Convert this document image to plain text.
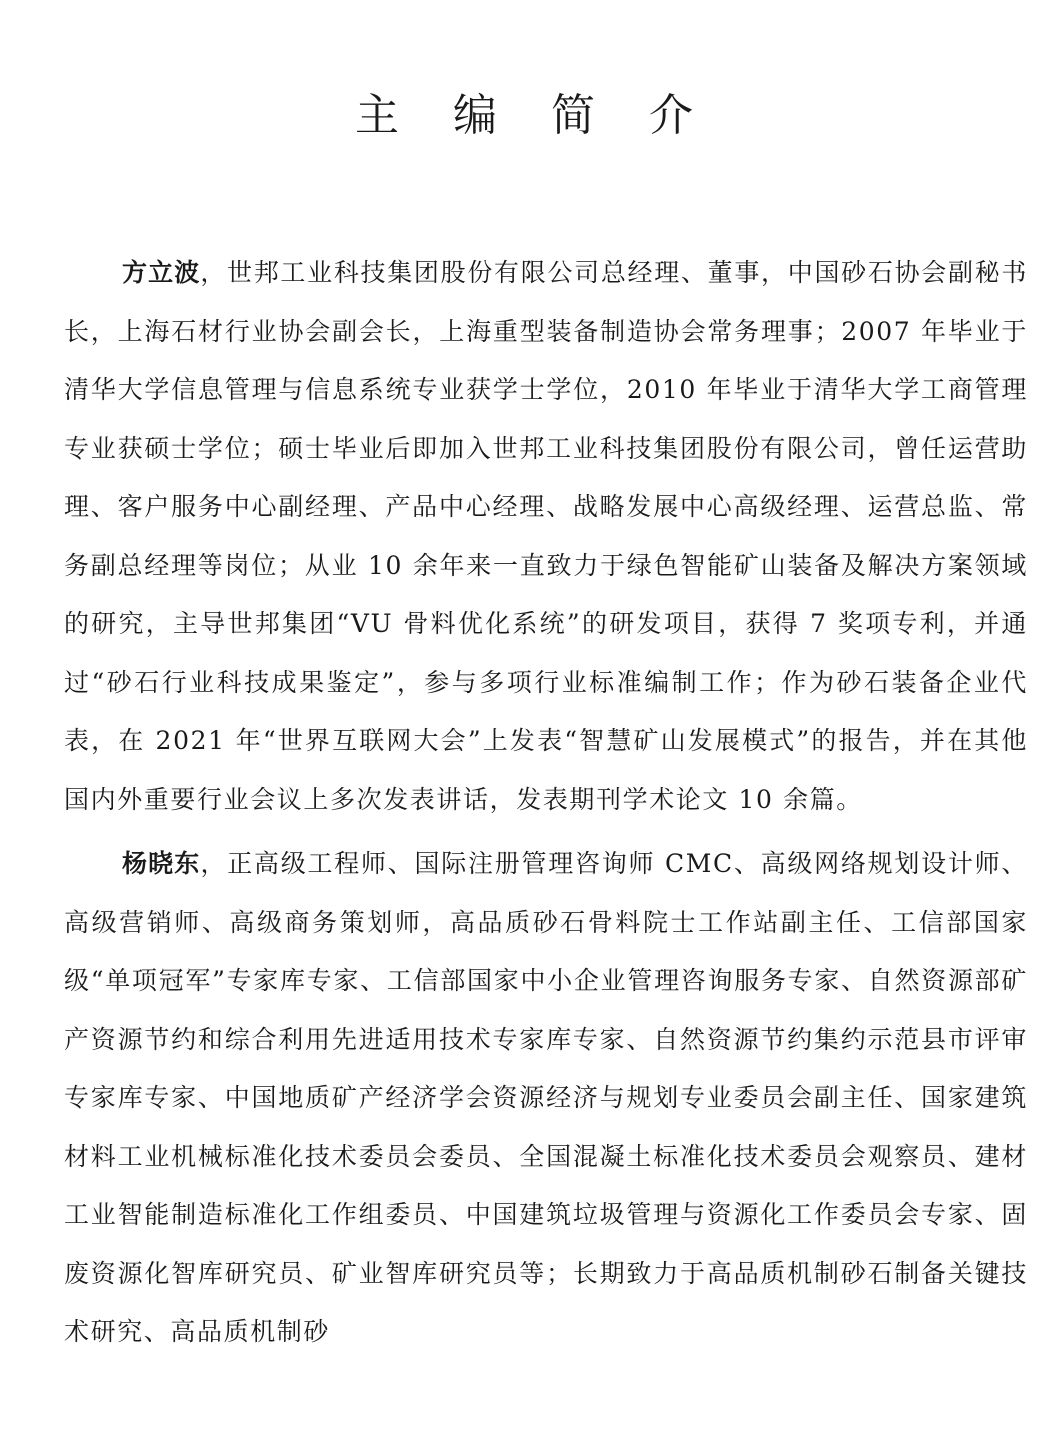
主 编 简 介

方立波，世邦工业科技集团股份有限公司总经理、董事，中国砂石协会副秘书长，上海石材行业协会副会长，上海重型装备制造协会常务理事；2007 年毕业于清华大学信息管理与信息系统专业获学士学位，2010 年毕业于清华大学工商管理专业获硕士学位；硕士毕业后即加入世邦工业科技集团股份有限公司，曾任运营助理、客户服务中心副经理、产品中心经理、战略发展中心高级经理、运营总监、常务副总经理等岗位；从业 10 余年来一直致力于绿色智能矿山装备及解决方案领域的研究，主导世邦集团“VU 骨料优化系统”的研发项目，获得 7 奖项专利，并通过“砂石行业科技成果鉴定”，参与多项行业标准编制工作；作为砂石装备企业代表，在 2021 年“世界互联网大会”上发表“智慧矿山发展模式”的报告，并在其他国内外重要行业会议上多次发表讲话，发表期刊学术论文 10 余篇。

杨晓东，正高级工程师、国际注册管理咨询师 CMC、高级网络规划设计师、高级营销师、高级商务策划师，高品质砂石骨料院士工作站副主任、工信部国家级“单项冠军”专家库专家、工信部国家中小企业管理咨询服务专家、自然资源部矿产资源节约和综合利用先进适用技术专家库专家、自然资源节约集约示范县市评审专家库专家、中国地质矿产经济学会资源经济与规划专业委员会副主任、国家建筑材料工业机械标准化技术委员会委员、全国混凝土标准化技术委员会观察员、建材工业智能制造标准化工作组委员、中国建筑垃圾管理与资源化工作委员会专家、固废资源化智库研究员、矿业智库研究员等；长期致力于高品质机制砂石制备关键技术研究、高品质机制砂
